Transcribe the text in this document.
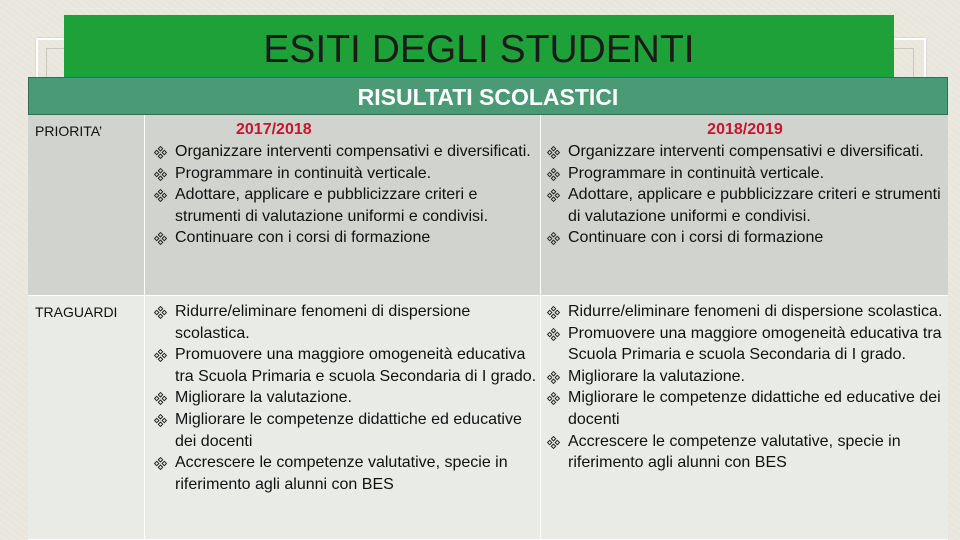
ESITI DEGLI STUDENTI
RISULTATI SCOLASTICI
PRIORITA’	2017/2018
Organizzare interventi compensativi e diversificati.
Programmare in continuità verticale.
Adottare, applicare e pubblicizzare criteri e strumenti di valutazione uniformi e condivisi.
Continuare con i corsi di formazione
2018/2019
Organizzare interventi compensativi e diversificati.
Programmare in continuità verticale.
Adottare, applicare e pubblicizzare criteri e strumenti di valutazione uniformi e condivisi.
Continuare con i corsi di formazione
TRAGUARDI	Ridurre/eliminare fenomeni di dispersione scolastica.
Promuovere una maggiore omogeneità educativa tra Scuola Primaria e scuola Secondaria di I grado.
Migliorare la valutazione.
Migliorare le competenze didattiche ed educative dei docenti
Accrescere le competenze valutative, specie in riferimento agli alunni con BES
Ridurre/eliminare fenomeni di dispersione scolastica.
Promuovere una maggiore omogeneità educativa tra Scuola Primaria e scuola Secondaria di I grado.
Migliorare la valutazione.
Migliorare le competenze didattiche ed educative dei docenti
Accrescere le competenze valutative, specie in riferimento agli alunni con BES
